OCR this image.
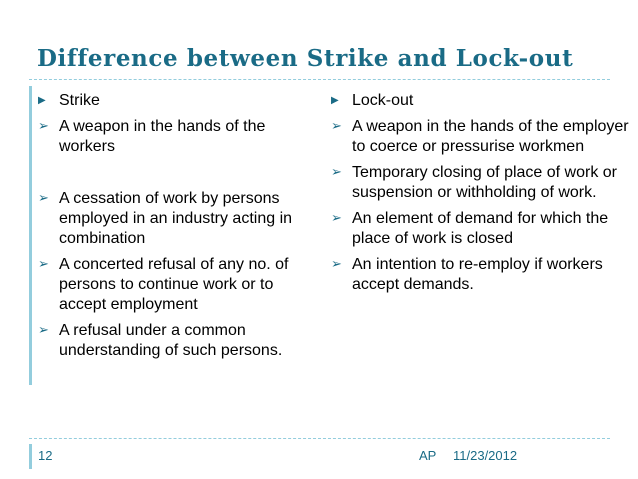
Difference between Strike and Lock-out
▶ Strike
➢ A weapon in the hands of the workers
➢ A cessation of work by persons employed in an industry acting in combination
➢ A concerted refusal of any no. of persons to continue work or to accept employment
➢ A refusal under a common understanding of such persons.
▶ Lock-out
➢ A weapon in the hands of the employer to coerce or pressurise workmen
➢ Temporary closing of place of work or suspension or withholding of work.
➢ An element of demand for which the place of work is closed
➢ An intention to re-employ if workers accept demands.
12	AP 11/23/2012
